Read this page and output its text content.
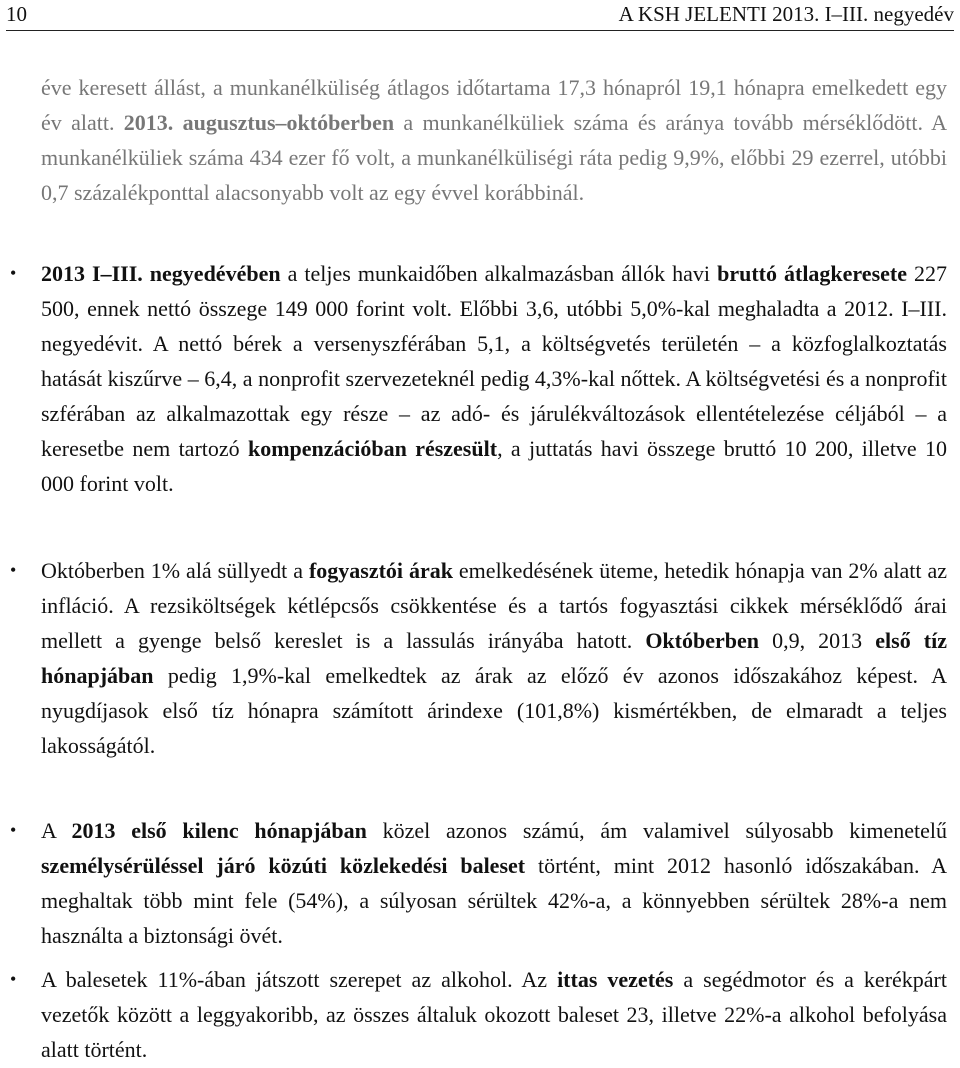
10	A KSH JELENTI 2013. I–III. negyedév
éve keresett állást, a munkanélküliség átlagos időtartama 17,3 hónapról 19,1 hónapra emelkedett egy év alatt. 2013. augusztus–októberben a munkanélküliek száma és aránya tovább mérséklődött. A munkanélküliek száma 434 ezer fő volt, a munkanélküliségi ráta pedig 9,9%, előbbi 29 ezerrel, utóbbi 0,7 százalékponttal alacsonyabb volt az egy évvel korábbinál.
• 2013 I–III. negyedévében a teljes munkaidőben alkalmazásban állók havi bruttó átlagkeresete 227 500, ennek nettó összege 149 000 forint volt. Előbbi 3,6, utóbbi 5,0%-kal meghaladta a 2012. I–III. negyedévit. A nettó bérek a versenyszférában 5,1, a költségvetés területén – a közfoglalkoztatás hatását kiszűrve – 6,4, a nonprofit szervezeteknél pedig 4,3%-kal nőttek. A költségvetési és a nonprofit szférában az alkalmazottak egy része – az adó- és járulékváltozások ellentételezése céljából – a keresetbe nem tartozó kompenzációban részesült, a juttatás havi összege bruttó 10 200, illetve 10 000 forint volt.
• Októberben 1% alá süllyedt a fogyasztói árak emelkedésének üteme, hetedik hónapja van 2% alatt az infláció. A rezsiköltségek kétlépcsős csökkentése és a tartós fogyasztási cikkek mérséklődő árai mellett a gyenge belső kereslet is a lassulás irányába hatott. Októberben 0,9, 2013 első tíz hónapjában pedig 1,9%-kal emelkedtek az árak az előző év azonos időszakához képest. A nyugdíjasok első tíz hónapra számított árindexe (101,8%) kismértékben, de elmaradt a teljes lakosságától.
• A 2013 első kilenc hónapjában közel azonos számú, ám valamivel súlyosabb kimenetelű személysérüléssel járó közúti közlekedési baleset történt, mint 2012 hasonló időszakában. A meghaltak több mint fele (54%), a súlyosan sérültek 42%-a, a könnyebben sérültek 28%-a nem használta a biztonsági övét.
• A balesetek 11%-ában játszott szerepet az alkohol. Az ittas vezetés a segédmotor és a kerékpárt vezetők között a leggyakoribb, az összes általuk okozott baleset 23, illetve 22%-a alkohol befolyása alatt történt.
